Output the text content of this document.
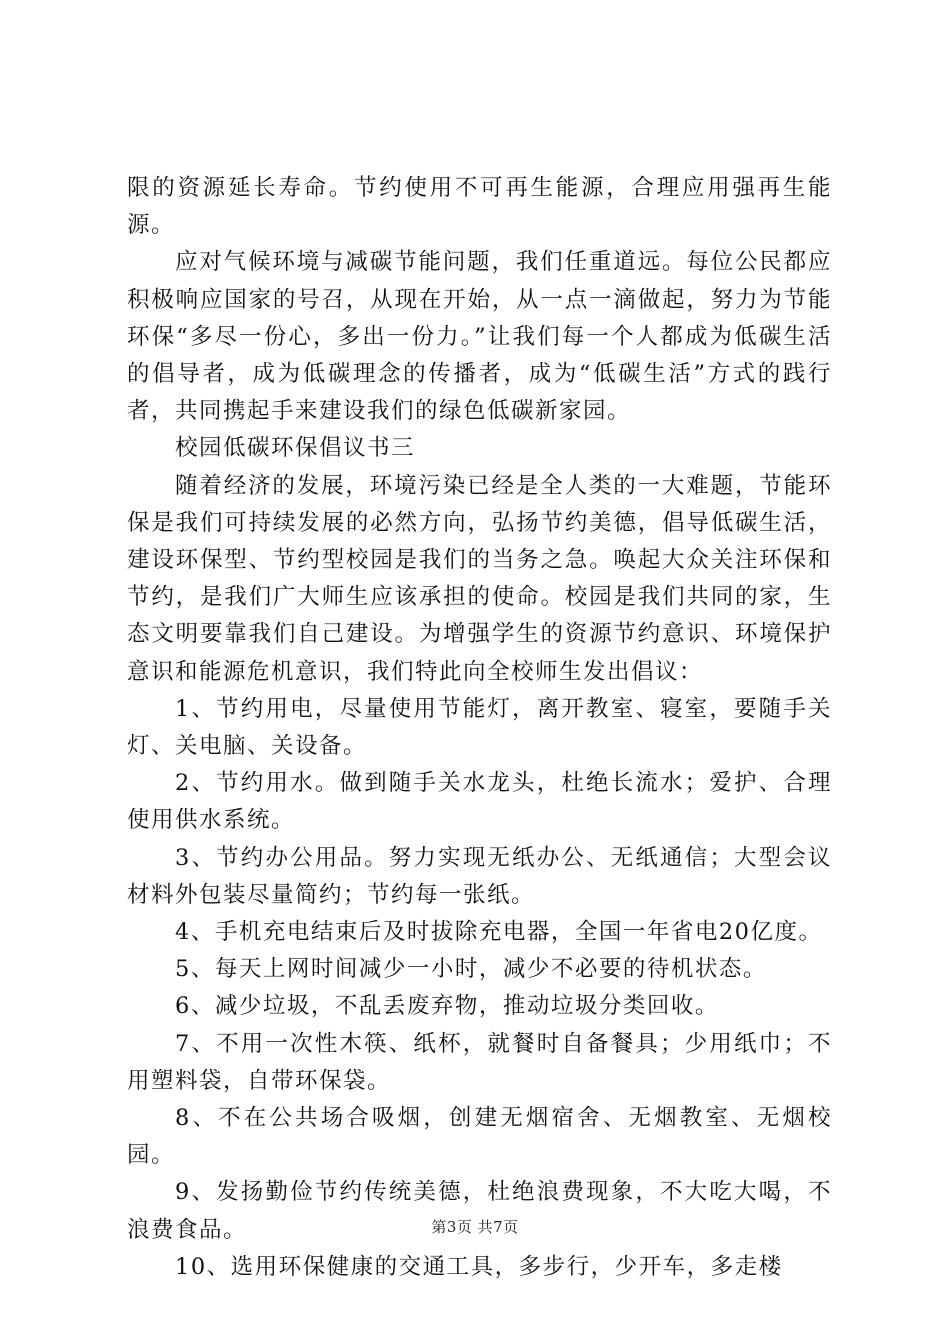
限的资源延长寿命。节约使用不可再生能源，合理应用强再生能源。

应对气候环境与减碳节能问题，我们任重道远。每位公民都应积极响应国家的号召，从现在开始，从一点一滴做起，努力为节能环保“多尽一份心，多出一份力。”让我们每一个人都成为低碳生活的倡导者，成为低碳理念的传播者，成为“低碳生活”方式的践行者，共同携起手来建设我们的绿色低碳新家园。

校园低碳环保倡议书三

随着经济的发展，环境污染已经是全人类的一大难题，节能环保是我们可持续发展的必然方向，弘扬节约美德，倡导低碳生活，建设环保型、节约型校园是我们的当务之急。唤起大众关注环保和节约，是我们广大师生应该承担的使命。校园是我们共同的家，生态文明要靠我们自己建设。为增强学生的资源节约意识、环境保护意识和能源危机意识，我们特此向全校师生发出倡议：

1、节约用电，尽量使用节能灯，离开教室、寝室，要随手关灯、关电脑、关设备。

2、节约用水。做到随手关水龙头，杜绝长流水；爱护、合理使用供水系统。

3、节约办公用品。努力实现无纸办公、无纸通信；大型会议材料外包装尽量简约；节约每一张纸。

4、手机充电结束后及时拔除充电器，全国一年省电20亿度。

5、每天上网时间减少一小时，减少不必要的待机状态。

6、减少垃圾，不乱丢废弃物，推动垃圾分类回收。

7、不用一次性木筷、纸杯，就餐时自备餐具；少用纸巾；不用塑料袋，自带环保袋。

8、不在公共场合吸烟，创建无烟宿舍、无烟教室、无烟校园。

9、发扬勤俭节约传统美德，杜绝浪费现象，不大吃大喝，不浪费食品。

10、选用环保健康的交通工具，多步行，少开车，多走楼

第3页 共7页
